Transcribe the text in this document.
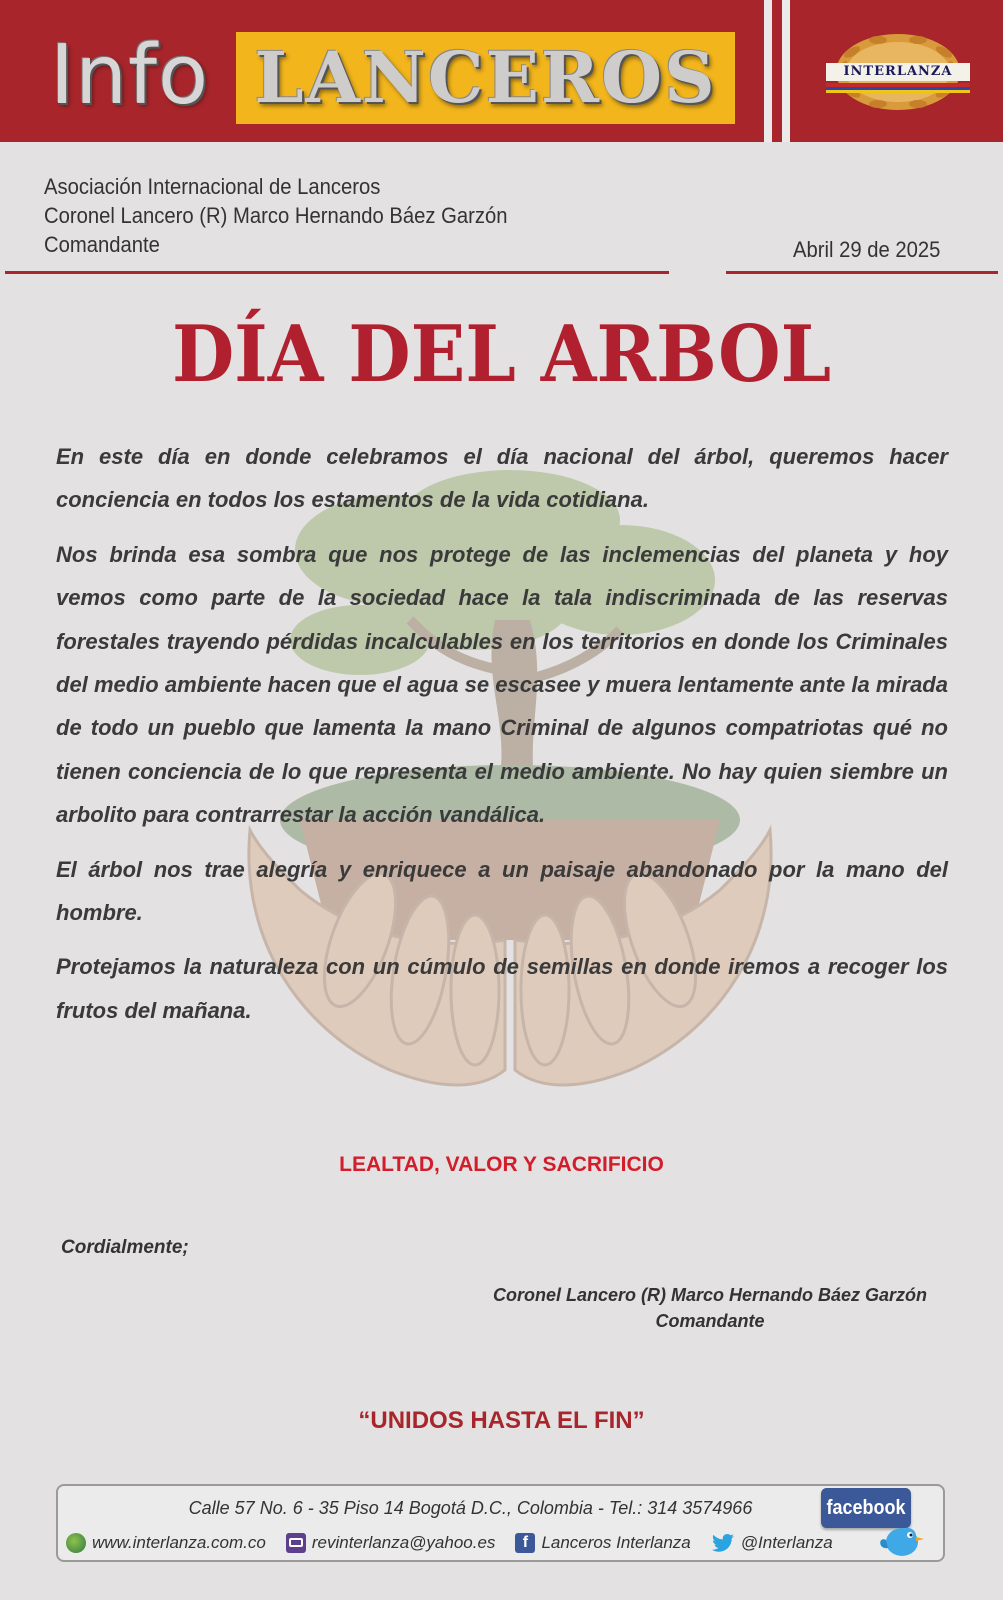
Info LANCEROS	INTERLANZA
Asociación Internacional de Lanceros
Coronel Lancero (R) Marco Hernando Báez Garzón
Comandante	Abril 29 de 2025
DÍA DEL ARBOL

En este día en donde celebramos el día nacional del árbol, queremos hacer conciencia en todos los estamentos de la vida cotidiana.

Nos brinda esa sombra que nos protege de las inclemencias del planeta y hoy vemos como parte de la sociedad hace la tala indiscriminada de las reservas forestales trayendo pérdidas incalculables en los territorios en donde los Criminales del medio ambiente hacen que el agua se escasee y muera lentamente ante la mirada de todo un pueblo que lamenta la mano Criminal de algunos compatriotas qué no tienen conciencia de lo que representa el medio ambiente. No hay quien siembre un arbolito para contrarrestar la acción vandálica.

El árbol nos trae alegría y enriquece a un paisaje abandonado por la mano del hombre.

Protejamos la naturaleza con un cúmulo de semillas en donde iremos a recoger los frutos del mañana.

LEALTAD, VALOR Y SACRIFICIO
Cordialmente;
Coronel Lancero (R) Marco Hernando Báez Garzón
Comandante
“UNIDOS HASTA EL FIN”
Calle 57 No. 6 - 35 Piso 14 Bogotá D.C., Colombia - Tel.: 314 3574966
www.interlanza.com.co	revinterlanza@yahoo.es	f Lanceros Interlanza	@Interlanza
facebook
